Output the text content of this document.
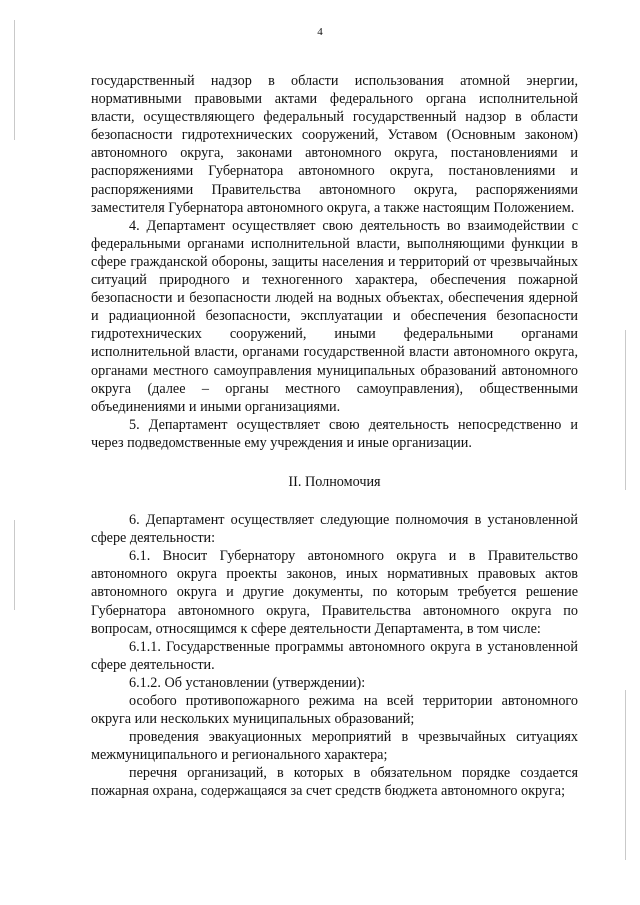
4

государственный надзор в области использования атомной энергии, нормативными правовыми актами федерального органа исполнительной власти, осуществляющего федеральный государственный надзор в области безопасности гидротехнических сооружений, Уставом (Основным законом) автономного округа, законами автономного округа, постановлениями и распоряжениями Губернатора автономного округа, постановлениями и распоряжениями Правительства автономного округа, распоряжениями заместителя Губернатора автономного округа, а также настоящим Положением.

4. Департамент осуществляет свою деятельность во взаимодействии с федеральными органами исполнительной власти, выполняющими функции в сфере гражданской обороны, защиты населения и территорий от чрезвычайных ситуаций природного и техногенного характера, обеспечения пожарной безопасности и безопасности людей на водных объектах, обеспечения ядерной и радиационной безопасности, эксплуатации и обеспечения безопасности гидротехнических сооружений, иными федеральными органами исполнительной власти, органами государственной власти автономного округа, органами местного самоуправления муниципальных образований автономного округа (далее – органы местного самоуправления), общественными объединениями и иными организациями.

5. Департамент осуществляет свою деятельность непосредственно и через подведомственные ему учреждения и иные организации.

II. Полномочия

6. Департамент осуществляет следующие полномочия в установленной сфере деятельности:

6.1. Вносит Губернатору автономного округа и в Правительство автономного округа проекты законов, иных нормативных правовых актов автономного округа и другие документы, по которым требуется решение Губернатора автономного округа, Правительства автономного округа по вопросам, относящимся к сфере деятельности Департамента, в том числе:

6.1.1. Государственные программы автономного округа в установленной сфере деятельности.

6.1.2. Об установлении (утверждении):

особого противопожарного режима на всей территории автономного округа или нескольких муниципальных образований;

проведения эвакуационных мероприятий в чрезвычайных ситуациях межмуниципального и регионального характера;

перечня организаций, в которых в обязательном порядке создается пожарная охрана, содержащаяся за счет средств бюджета автономного округа;
